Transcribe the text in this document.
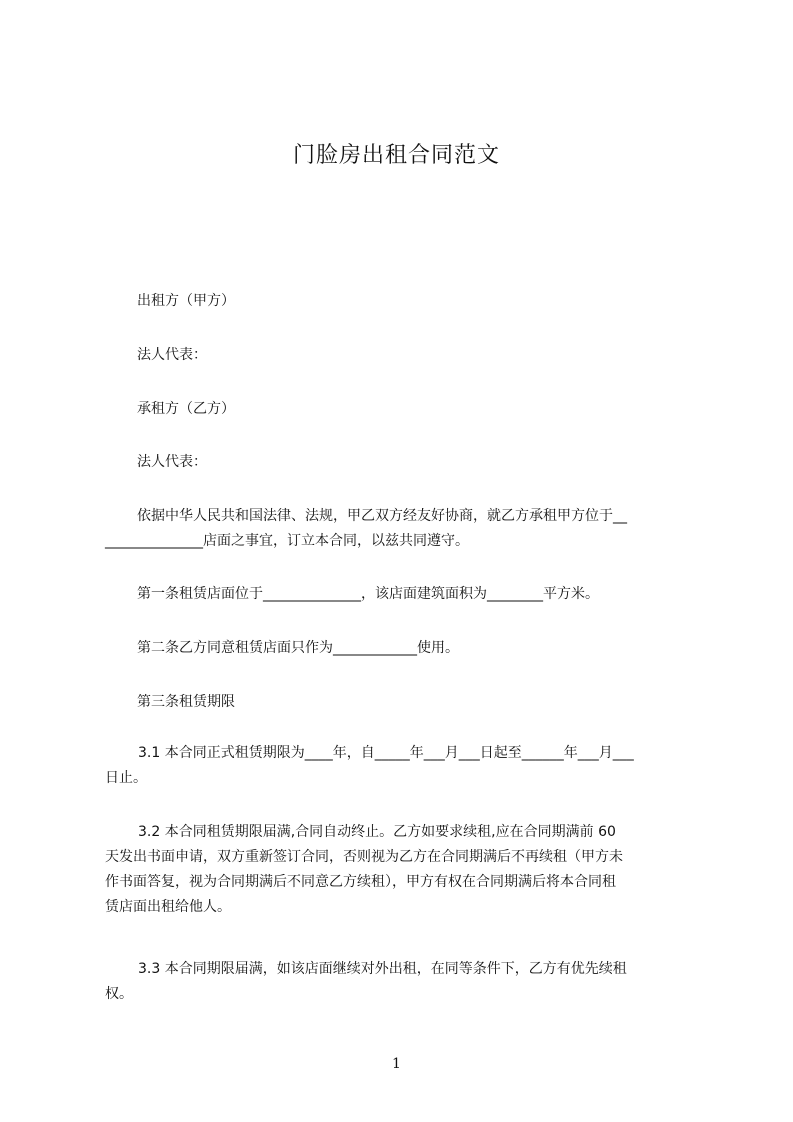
门脸房出租合同范文
出租方（甲方）
法人代表：
承租方（乙方）
法人代表：
依据中华人民共和国法律、法规，甲乙双方经友好协商，就乙方承租甲方位于__
______________店面之事宜，订立本合同，以兹共同遵守。
第一条租赁店面位于______________，该店面建筑面积为________平方米。
第二条乙方同意租赁店面只作为____________使用。
第三条租赁期限
3.1 本合同正式租赁期限为____年，自_____年___月___日起至______年___月___
日止。
3.2 本合同租赁期限届满,合同自动终止。乙方如要求续租,应在合同期满前 60
天发出书面申请，双方重新签订合同，否则视为乙方在合同期满后不再续租（甲方未
作书面答复，视为合同期满后不同意乙方续租），甲方有权在合同期满后将本合同租
赁店面出租给他人。
3.3 本合同期限届满，如该店面继续对外出租，在同等条件下，乙方有优先续租
权。
1
